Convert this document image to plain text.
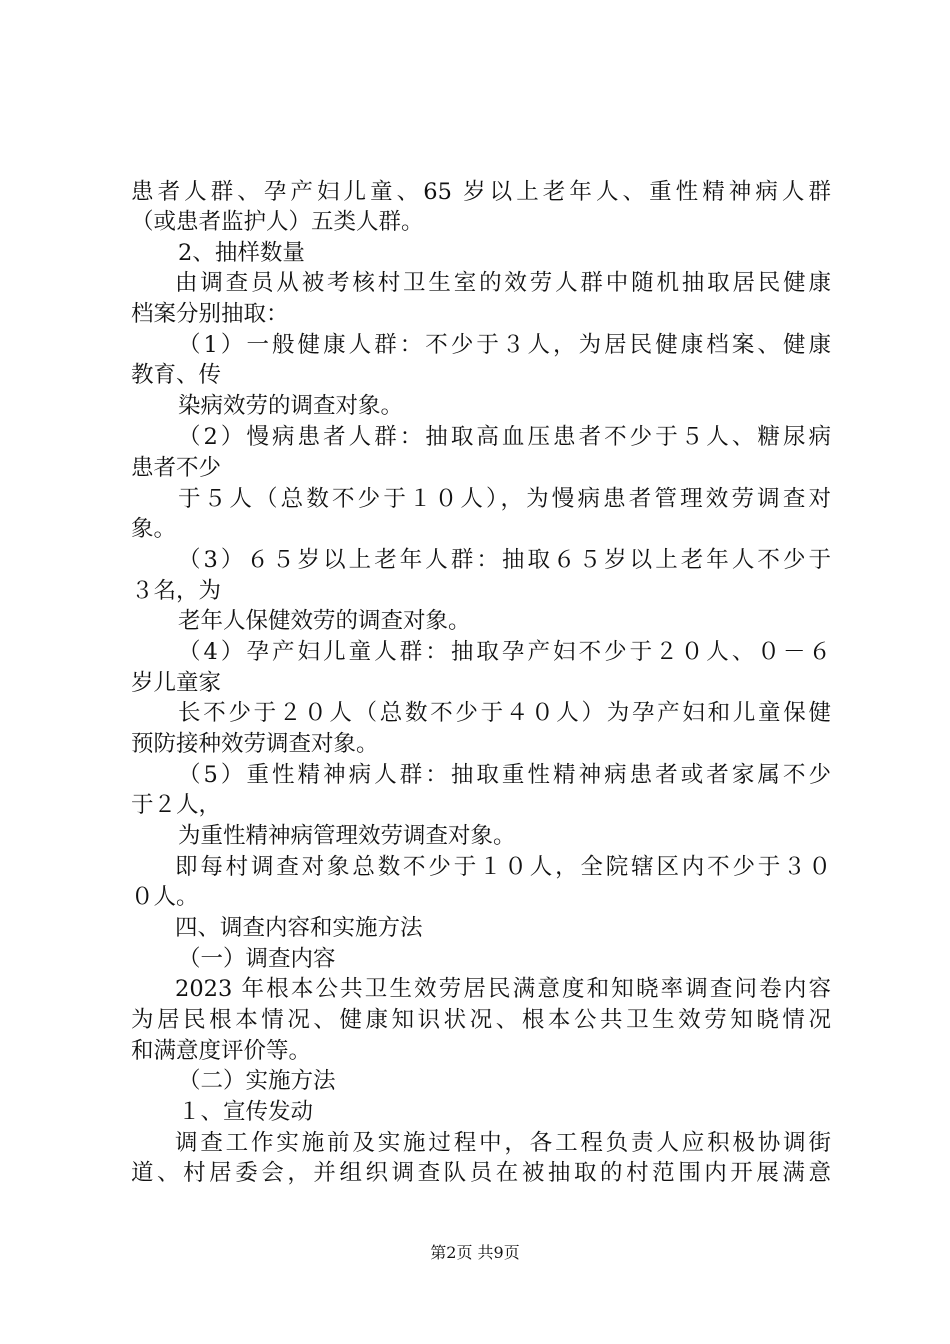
患者人群、孕产妇儿童、65 岁以上老年人、重性精神病人群
（或患者监护人）五类人群。
2、抽样数量
由调查员从被考核村卫生室的效劳人群中随机抽取居民健康
档案分别抽取：
（1）一般健康人群：不少于３人，为居民健康档案、健康
教育、传
染病效劳的调查对象。
（2）慢病患者人群：抽取高血压患者不少于５人、糖尿病
患者不少
于５人（总数不少于１０人），为慢病患者管理效劳调查对
象。
（3）６５岁以上老年人群：抽取６５岁以上老年人不少于
３名，为
老年人保健效劳的调查对象。
（4）孕产妇儿童人群：抽取孕产妇不少于２０人、０－６
岁儿童家
长不少于２０人（总数不少于４０人）为孕产妇和儿童保健
预防接种效劳调查对象。
（5）重性精神病人群：抽取重性精神病患者或者家属不少
于２人，
为重性精神病管理效劳调查对象。
即每村调查对象总数不少于１０人，全院辖区内不少于３０
０人。
四、调查内容和实施方法
（一）调查内容
2023 年根本公共卫生效劳居民满意度和知晓率调查问卷内容
为居民根本情况、健康知识状况、根本公共卫生效劳知晓情况
和满意度评价等。
（二）实施方法
１、宣传发动
调查工作实施前及实施过程中，各工程负责人应积极协调街
道、村居委会，并组织调查队员在被抽取的村范围内开展满意
第2页 共9页
